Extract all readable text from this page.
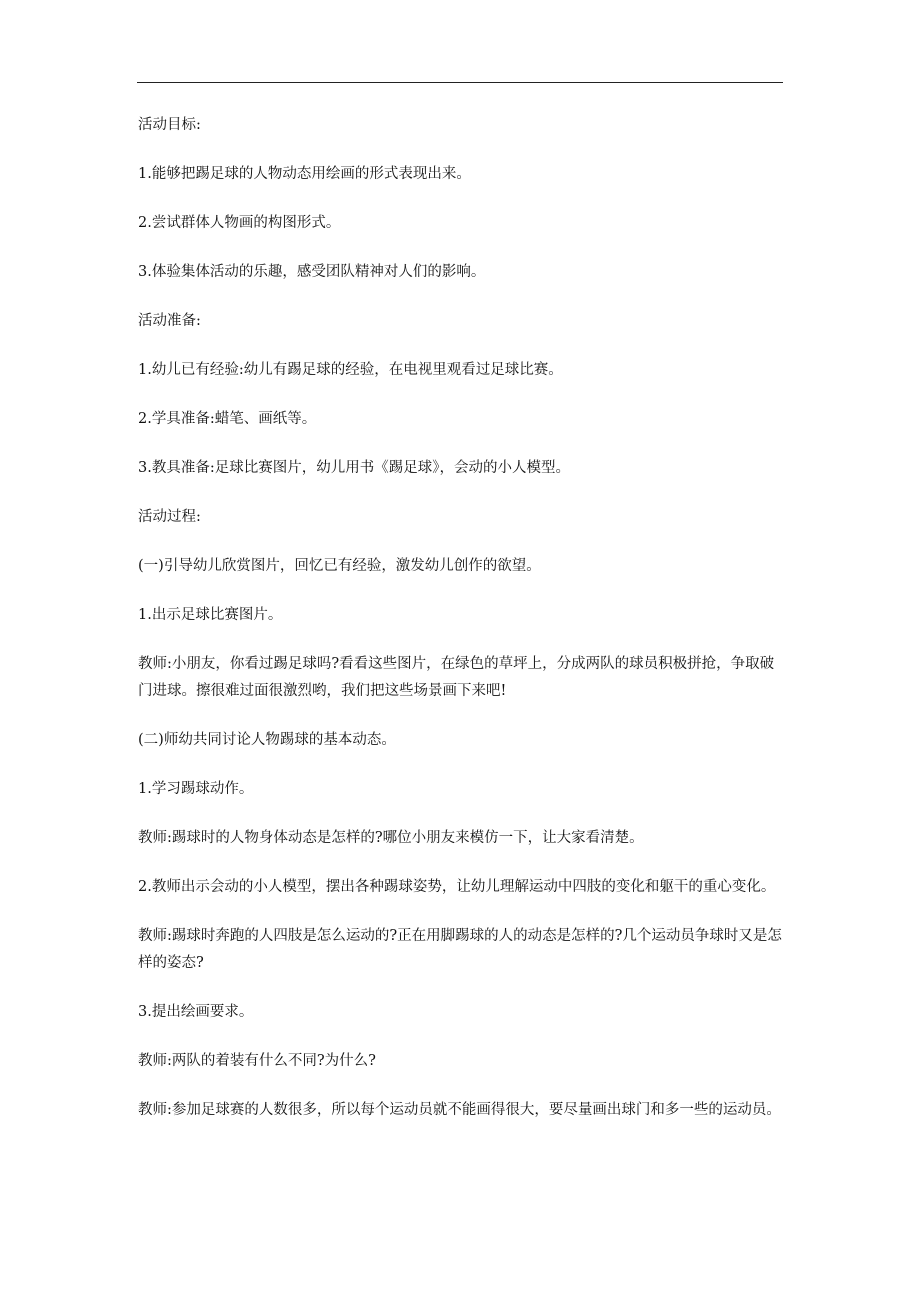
活动目标:

1.能够把踢足球的人物动态用绘画的形式表现出来。

2.尝试群体人物画的构图形式。

3.体验集体活动的乐趣，感受团队精神对人们的影响。

活动准备:

1.幼儿已有经验:幼儿有踢足球的经验，在电视里观看过足球比赛。

2.学具准备:蜡笔、画纸等。

3.教具准备:足球比赛图片，幼儿用书《踢足球》，会动的小人模型。

活动过程:

(一)引导幼儿欣赏图片，回忆已有经验，激发幼儿创作的欲望。

1.出示足球比赛图片。

教师:小朋友，你看过踢足球吗?看看这些图片，在绿色的草坪上，分成两队的球员积极拼抢，争取破门进球。擦很难过面很激烈哟，我们把这些场景画下来吧!

(二)师幼共同讨论人物踢球的基本动态。

1.学习踢球动作。

教师:踢球时的人物身体动态是怎样的?哪位小朋友来模仿一下，让大家看清楚。

2.教师出示会动的小人模型，摆出各种踢球姿势，让幼儿理解运动中四肢的变化和躯干的重心变化。

教师:踢球时奔跑的人四肢是怎么运动的?正在用脚踢球的人的动态是怎样的?几个运动员争球时又是怎样的姿态?

3.提出绘画要求。

教师:两队的着装有什么不同?为什么?

教师:参加足球赛的人数很多，所以每个运动员就不能画得很大，要尽量画出球门和多一些的运动员。
